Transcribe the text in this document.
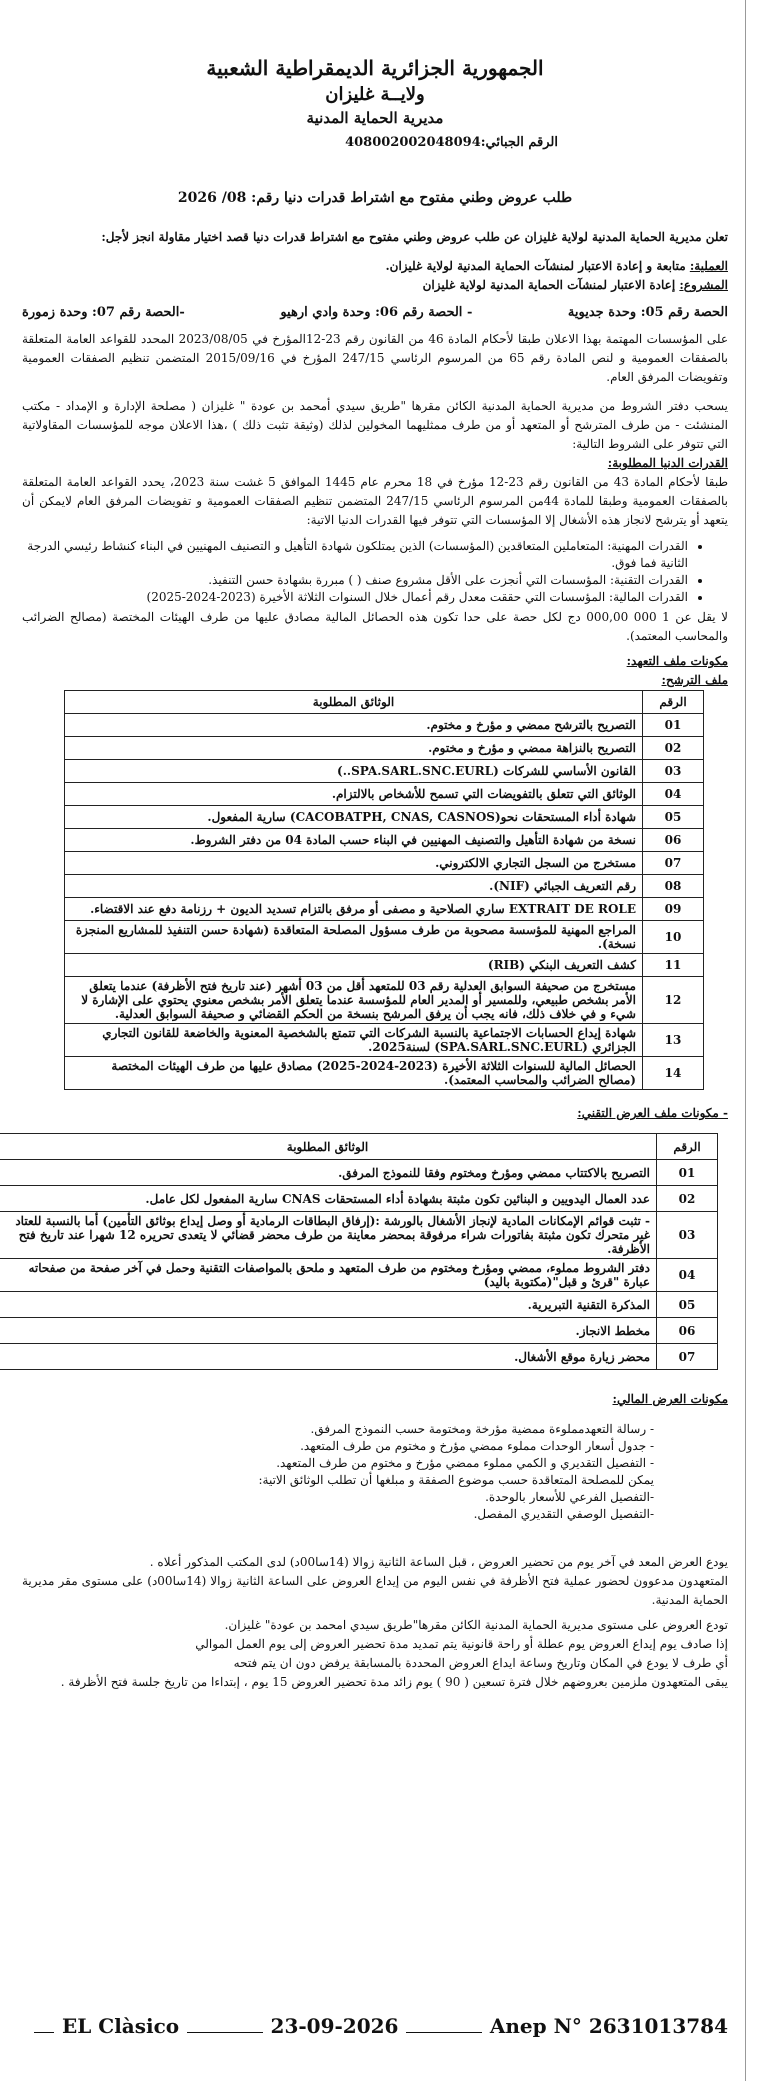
الجمهورية الجزائرية الديمقراطية الشعبية
ولايــة غليزان
مديرية الحماية المدنية
الرقم الجبائي:408002002048094
طلب عروض وطني مفتوح مع اشتراط قدرات دنيا رقم: 08/ 2026

تعلن مديرية الحماية المدنية لولاية غليزان عن طلب عروض وطني مفتوح مع اشتراط قدرات دنيا قصد اختيار مقاولة انجز لأجل:

العملية: متابعة و إعادة الاعتبار لمنشآت الحماية المدنية لولاية غليزان.

المشروع: إعادة الاعتبار لمنشآت الحماية المدنية لولاية غليزان

الحصة رقم 05: وحدة جديوية
- الحصة رقم 06: وحدة وادي ارهيو
-الحصة رقم 07: وحدة زمورة

على المؤسسات المهتمة بهذا الاعلان طبقا لأحكام المادة 46 من القانون رقم 23-12المؤرخ في 2023/08/05 المحدد للقواعد العامة المتعلقة بالصفقات العمومية و لنص المادة رقم 65 من المرسوم الرئاسي 247/15 المؤرخ في 2015/09/16 المتضمن تنظيم الصفقات العمومية وتفويضات المرفق العام.

يسحب دفتر الشروط من مديرية الحماية المدنية الكائن مقرها "طريق سيدي أمحمد بن عودة " غليزان ( مصلحة الإدارة و الإمداد - مكتب المنشئت - من طرف المترشح أو المتعهد أو من طرف ممثليهما المخولين لذلك (وثيقة تثبت ذلك ) ،هذا الاعلان موجه للمؤسسات المقاولاتية التي تتوفر على الشروط التالية:

القدرات الدنيا المطلوبة:

طبقا لأحكام المادة 43 من القانون رقم 23-12 مؤرخ في 18 محرم عام 1445 الموافق 5 غشت سنة 2023، يحدد القواعد العامة المتعلقة بالصفقات العمومية وطبقا للمادة 44من المرسوم الرئاسي 247/15 المتضمن تنظيم الصفقات العمومية و تفويضات المرفق العام لايمكن أن يتعهد أو يترشح لانجاز هذه الأشغال إلا المؤسسات التي تتوفر فيها القدرات الدنيا الاتية:

• القدرات المهنية: المتعاملين المتعاقدين (المؤسسات) الذين يمتلكون شهادة التأهيل و التصنيف المهنيين في البناء كنشاط رئيسي الدرجة الثانية فما فوق.
• القدرات التقنية: المؤسسات التي أنجزت على الأقل مشروع صنف ( ) مبررة بشهادة حسن التنفيذ.
• القدرات المالية: المؤسسات التي حققت معدل رقم أعمال خلال السنوات الثلاثة الأخيرة (2023-2024-2025)

لا يقل عن 1 000 000,00 دج لكل حصة على حدا تكون هذه الحصائل المالية مصادق عليها من طرف الهيئات المختصة (مصالح الضرائب والمحاسب المعتمد).

مكونات ملف التعهد:

ملف الترشح:

الرقم	الوثائق المطلوبة
01	التصريح بالترشح ممضي و مؤرخ و مختوم.
02	التصريح بالنزاهة ممضي و مؤرخ و مختوم.
03	القانون الأساسي للشركات (SPA.SARL.SNC.EURL..)
04	الوثائق التي تتعلق بالتفويضات التي تسمح للأشخاص بالالتزام.
05	شهادة أداء المستحقات نحو(CACOBATPH, CNAS, CASNOS) سارية المفعول.
06	نسخة من شهادة التأهيل والتصنيف المهنيين في البناء حسب المادة 04 من دفتر الشروط.
07	مستخرج من السجل التجاري الالكتروني.
08	رقم التعريف الجبائي (NIF).
09	EXTRAIT DE ROLE ساري الصلاحية و مصفى أو مرفق بالتزام تسديد الديون + رزنامة دفع عند الاقتضاء.
10	المراجع المهنية للمؤسسة مصحوبة من طرف مسؤول المصلحة المتعاقدة (شهادة حسن التنفيذ للمشاريع المنجزة نسخة).
11	كشف التعريف البنكي (RIB)
12	مستخرج من صحيفة السوابق العدلية رقم 03 للمتعهد أقل من 03 أشهر (عند تاريخ فتح الأظرفة) عندما يتعلق الأمر بشخص طبيعي، وللمسير أو المدير العام للمؤسسة عندما يتعلق الأمر بشخص معنوي يحتوي على الإشارة لا شيء و في خلاف ذلك، فانه يجب أن يرفق المرشح بنسخة من الحكم القضائي و صحيفة السوابق العدلية.
13	شهادة إيداع الحسابات الاجتماعية بالنسبة الشركات التي تتمتع بالشخصية المعنوية والخاضعة للقانون التجاري الجزائري (SPA.SARL.SNC.EURL) لسنة2025.
14	الحصائل المالية للسنوات الثلاثة الأخيرة (2023-2024-2025) مصادق عليها من طرف الهيئات المختصة (مصالح الضرائب والمحاسب المعتمد).

- مكونات ملف العرض التقني:

الرقم	الوثائق المطلوبة
01	التصريح بالاكتتاب ممضي ومؤرخ ومختوم وفقا للنموذج المرفق.
02	عدد العمال اليدويين و البنائين تكون مثبتة بشهادة أداء المستحقات CNAS سارية المفعول لكل عامل.
03	- تثبت قوائم الإمكانات المادية لإنجاز الأشغال بالورشة :(إرفاق البطاقات الرمادية أو وصل إيداع بوثائق التأمين) أما بالنسبة للعتاد غير متحرك تكون مثبتة بفاتورات شراء مرفوقة بمحضر معاينة من طرف محضر قضائي لا يتعدى تحريره 12 شهرا عند تاريخ فتح الأظرفة.
04	دفتر الشروط مملوء، ممضي ومؤرخ ومختوم من طرف المتعهد و ملحق بالمواصفات التقنية وحمل في آخر صفحة من صفحاته عبارة "قرئ و قبل"(مكتوبة باليد)
05	المذكرة التقنية التبريرية.
06	مخطط الانجاز.
07	محضر زيارة موقع الأشغال.

مكونات العرض المالي:

- رسالة التعهدمملوءة ممضية مؤرخة ومختومة حسب النموذج المرفق.
- جدول أسعار الوحدات مملوء ممضي مؤرخ و مختوم من طرف المتعهد.
- التفصيل التقديري و الكمي مملوء ممضي مؤرخ و مختوم من طرف المتعهد.
يمكن للمصلحة المتعاقدة حسب موضوع الصفقة و مبلغها أن تطلب الوثائق الاتية:
-التفصيل الفرعي للأسعار بالوحدة.
-التفصيل الوصفي التقديري المفصل.

يودع العرض المعد في آخر يوم من تحضير العروض ، قبل الساعة الثانية زوالا (14سا00د) لدى المكتب المذكور أعلاه .

المتعهدون مدعوون لحضور عملية فتح الأظرفة في نفس اليوم من إيداع العروض على الساعة الثانية زوالا (14سا00د) على مستوى مقر مديرية الحماية المدنية.

تودع العروض على مستوى مديرية الحماية المدنية الكائن مقرها"طريق سيدي امحمد بن عودة" غليزان.

إذا صادف يوم إيداع العروض يوم عطلة أو راحة قانونية يتم تمديد مدة تحضير العروض إلى يوم العمل الموالي

أي طرف لا يودع في المكان وتاريخ وساعة ايداع العروض المحددة بالمسابقة يرفض دون ان يتم فتحه

يبقى المتعهدون ملزمين بعروضهم خلال فترة تسعين ( 90 ) يوم زائد مدة تحضير العروض 15 يوم ، إبتداءا من تاريخ جلسة فتح الأظرفة .

EL Clàsico	23-09-2026	Anep N° 2631013784
